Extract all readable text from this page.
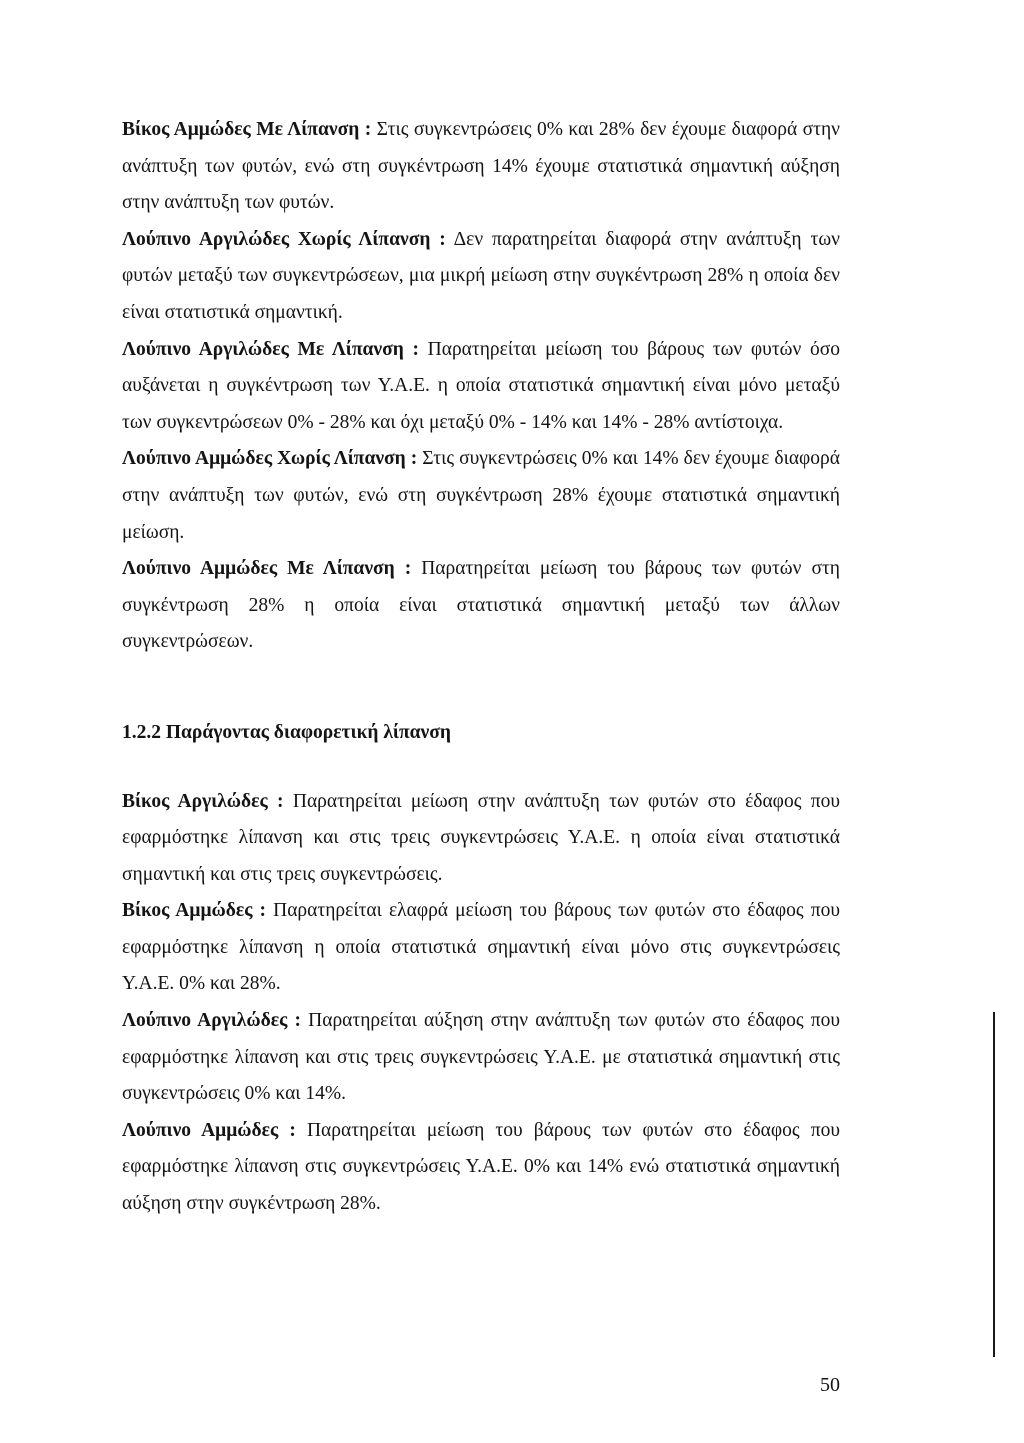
Βίκος Αμμώδες Με Λίπανση : Στις συγκεντρώσεις 0% και 28% δεν έχουμε διαφορά στην ανάπτυξη των φυτών, ενώ στη συγκέντρωση 14% έχουμε στατιστικά σημαντική αύξηση στην ανάπτυξη των φυτών.

Λούπινο Αργιλώδες Χωρίς Λίπανση : Δεν παρατηρείται διαφορά στην ανάπτυξη των φυτών μεταξύ των συγκεντρώσεων, μια μικρή μείωση στην συγκέντρωση 28% η οποία δεν είναι στατιστικά σημαντική.

Λούπινο Αργιλώδες Με Λίπανση : Παρατηρείται μείωση του βάρους των φυτών όσο αυξάνεται η συγκέντρωση των Υ.Α.Ε. η οποία στατιστικά σημαντική είναι μόνο μεταξύ των συγκεντρώσεων 0% - 28% και όχι μεταξύ 0% - 14% και 14% - 28% αντίστοιχα.

Λούπινο Αμμώδες Χωρίς Λίπανση : Στις συγκεντρώσεις 0% και 14% δεν έχουμε διαφορά στην ανάπτυξη των φυτών, ενώ στη συγκέντρωση 28% έχουμε στατιστικά σημαντική μείωση.

Λούπινο Αμμώδες Με Λίπανση : Παρατηρείται μείωση του βάρους των φυτών στη συγκέντρωση 28% η οποία είναι στατιστικά σημαντική μεταξύ των άλλων συγκεντρώσεων.

1.2.2 Παράγοντας διαφορετική λίπανση

Βίκος Αργιλώδες : Παρατηρείται μείωση στην ανάπτυξη των φυτών στο έδαφος που εφαρμόστηκε λίπανση και στις τρεις συγκεντρώσεις Υ.Α.Ε. η οποία είναι στατιστικά σημαντική και στις τρεις συγκεντρώσεις.

Βίκος Αμμώδες : Παρατηρείται ελαφρά μείωση του βάρους των φυτών στο έδαφος που εφαρμόστηκε λίπανση η οποία στατιστικά σημαντική είναι μόνο στις συγκεντρώσεις Υ.Α.Ε. 0% και 28%.

Λούπινο Αργιλώδες : Παρατηρείται αύξηση στην ανάπτυξη των φυτών στο έδαφος που εφαρμόστηκε λίπανση και στις τρεις συγκεντρώσεις Υ.Α.Ε. με στατιστικά σημαντική στις συγκεντρώσεις 0% και 14%.

Λούπινο Αμμώδες : Παρατηρείται μείωση του βάρους των φυτών στο έδαφος που εφαρμόστηκε λίπανση στις συγκεντρώσεις Υ.Α.Ε. 0% και 14% ενώ στατιστικά σημαντική αύξηση στην συγκέντρωση 28%.

50
